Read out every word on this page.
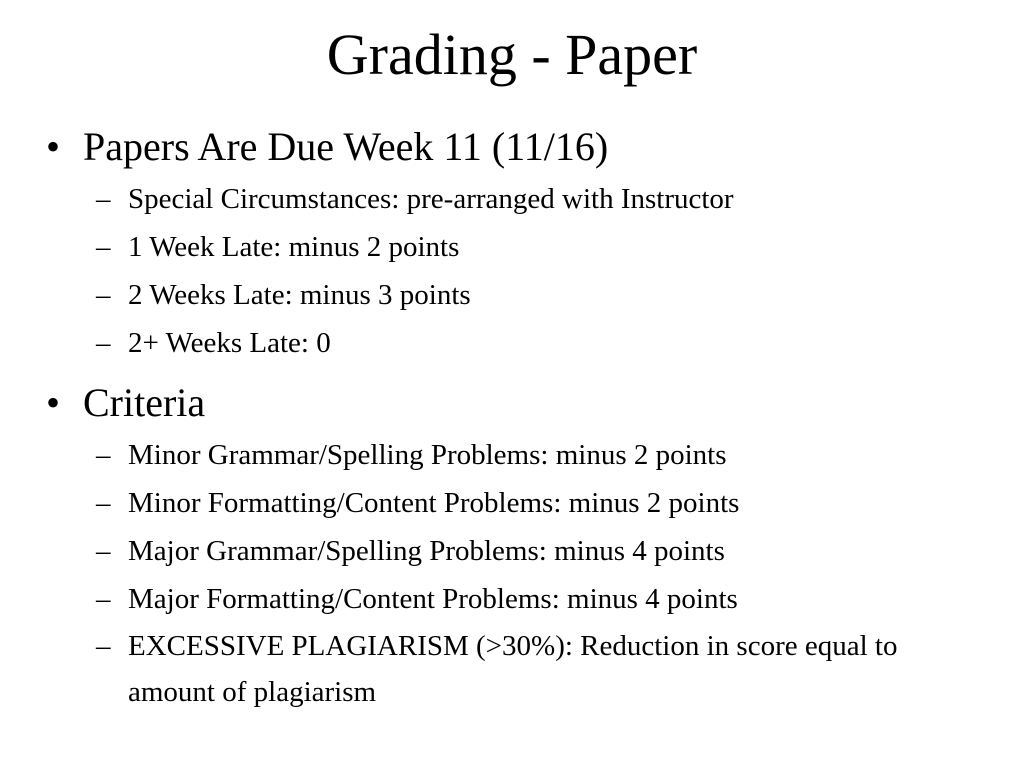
Grading - Paper
• Papers Are Due Week 11 (11/16)
– Special Circumstances: pre-arranged with Instructor
– 1 Week Late: minus 2 points
– 2 Weeks Late: minus 3 points
– 2+ Weeks Late: 0
• Criteria
– Minor Grammar/Spelling Problems: minus 2 points
– Minor Formatting/Content Problems: minus 2 points
– Major Grammar/Spelling Problems: minus 4 points
– Major Formatting/Content Problems: minus 4 points
– EXCESSIVE PLAGIARISM (>30%): Reduction in score equal to amount of plagiarism
